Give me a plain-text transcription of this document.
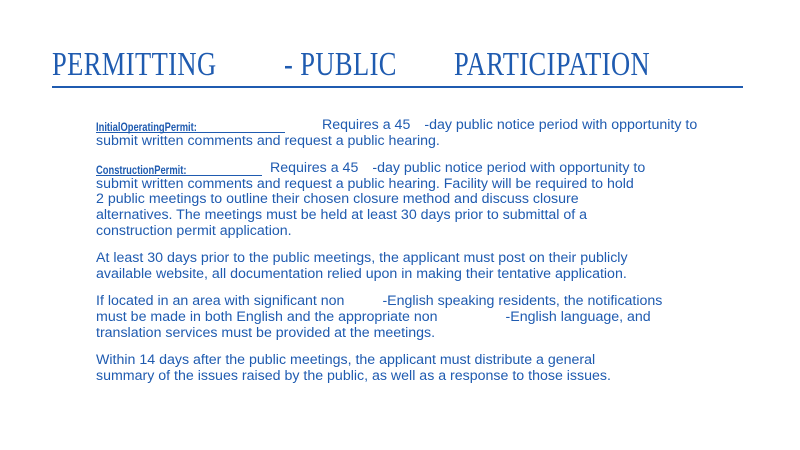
PERMITTING - PUBLIC PARTICIPATION
InitialOperatingPermit:	Requires a 45 -day public notice period with opportunity to
submit written comments and request a public hearing.
ConstructionPermit:	Requires a 45 -day public notice period with opportunity to
submit written comments and request a public hearing. Facility will be required to hold
2 public meetings to outline their chosen closure method and discuss closure
alternatives. The meetings must be held at least 30 days prior to submittal of a
construction permit application.
At least 30 days prior to the public meetings, the applicant must post on their publicly
available website, all documentation relied upon in making their tentative application.
If located in an area with significant non	-English speaking residents, the notifications
must be made in both English and the appropriate non	-English language, and
translation services must be provided at the meetings.
Within 14 days after the public meetings, the applicant must distribute a general
summary of the issues raised by the public, as well as a response to those issues.
